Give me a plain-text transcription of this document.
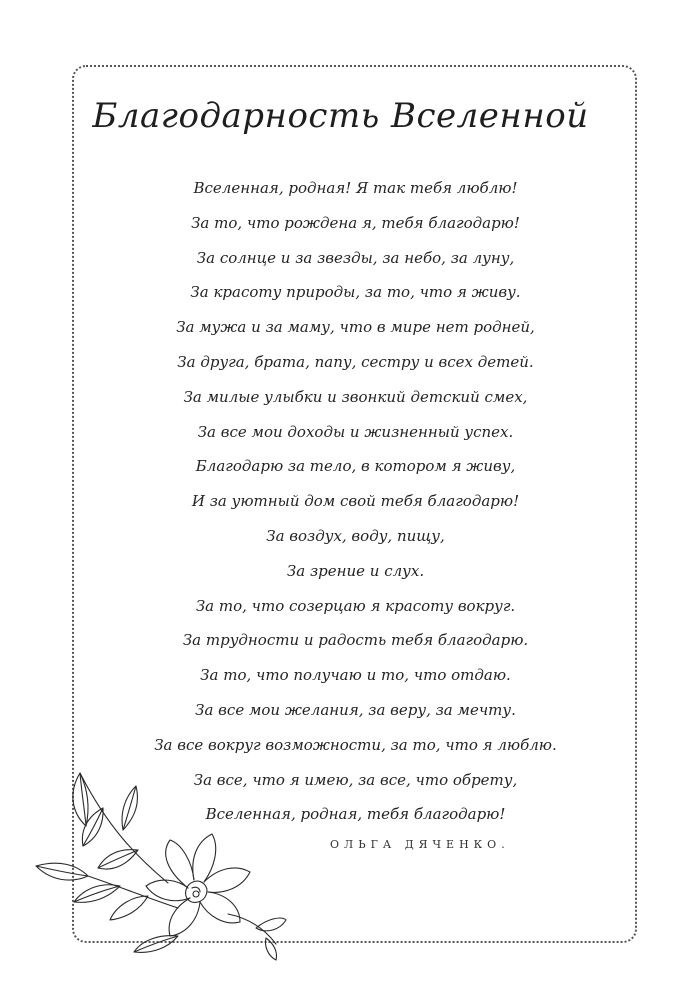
Благодарность Вселенной
Вселенная, родная! Я так тебя люблю!
За то, что рождена я, тебя благодарю!
За солнце и за звезды, за небо, за луну,
За красоту природы, за то, что я живу.
За мужа и за маму, что в мире нет родней,
За друга, брата, папу, сестру и всех детей.
За милые улыбки и звонкий детский смех,
За все мои доходы и жизненный успех.
Благодарю за тело, в котором я живу,
И за уютный дом свой тебя благодарю!
За воздух, воду, пищу,
За зрение и слух.
За то, что созерцаю я красоту вокруг.
За трудности и радость тебя благодарю.
За то, что получаю и то, что отдаю.
За все мои желания, за веру, за мечту.
За все вокруг возможности, за то, что я люблю.
За все, что я имею, за все, что обрету,
Вселенная, родная, тебя благодарю!

ОЛЬГА ДЯЧЕНКО.
